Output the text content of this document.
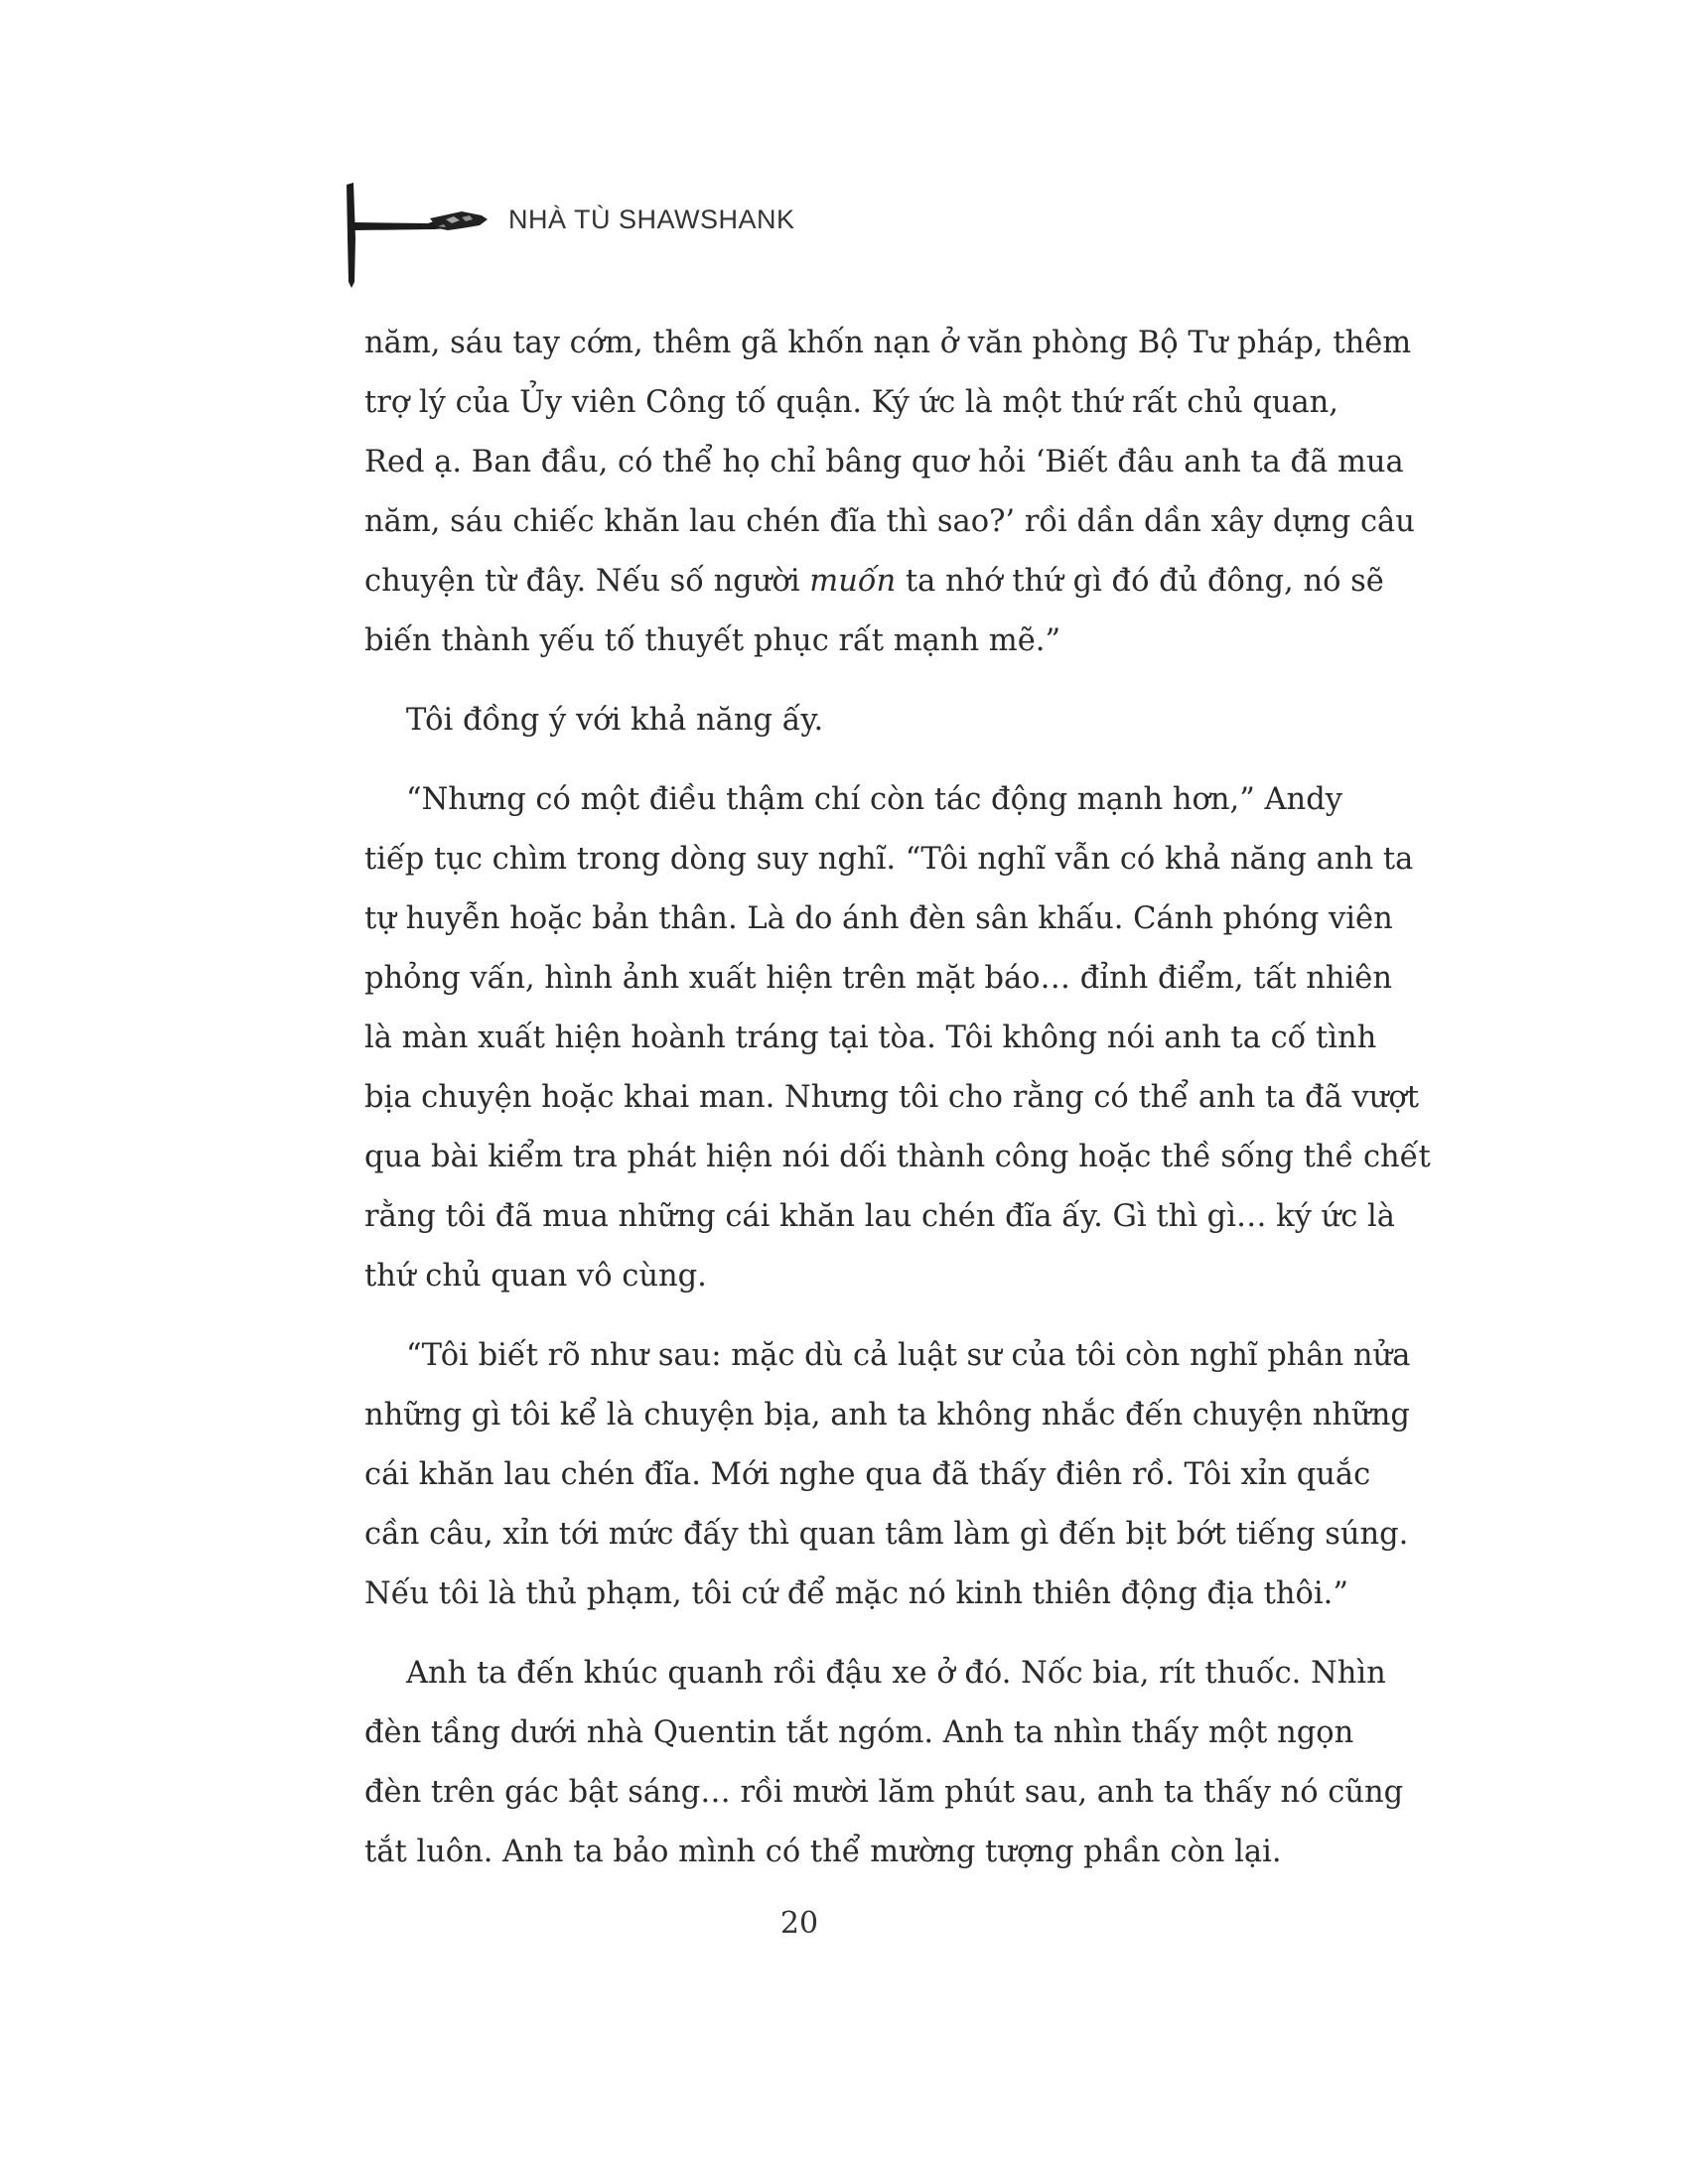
NHÀ TÙ SHAWSHANK
năm, sáu tay cớm, thêm gã khốn nạn ở văn phòng Bộ Tư pháp, thêm
trợ lý của Ủy viên Công tố quận. Ký ức là một thứ rất chủ quan,
Red ạ. Ban đầu, có thể họ chỉ bâng quơ hỏi ‘Biết đâu anh ta đã mua
năm, sáu chiếc khăn lau chén đĩa thì sao?’ rồi dần dần xây dựng câu
chuyện từ đây. Nếu số người muốn ta nhớ thứ gì đó đủ đông, nó sẽ
biến thành yếu tố thuyết phục rất mạnh mẽ.”
Tôi đồng ý với khả năng ấy.
“Nhưng có một điều thậm chí còn tác động mạnh hơn,” Andy
tiếp tục chìm trong dòng suy nghĩ. “Tôi nghĩ vẫn có khả năng anh ta
tự huyễn hoặc bản thân. Là do ánh đèn sân khấu. Cánh phóng viên
phỏng vấn, hình ảnh xuất hiện trên mặt báo… đỉnh điểm, tất nhiên
là màn xuất hiện hoành tráng tại tòa. Tôi không nói anh ta cố tình
bịa chuyện hoặc khai man. Nhưng tôi cho rằng có thể anh ta đã vượt
qua bài kiểm tra phát hiện nói dối thành công hoặc thề sống thề chết
rằng tôi đã mua những cái khăn lau chén đĩa ấy. Gì thì gì… ký ức là
thứ chủ quan vô cùng.
“Tôi biết rõ như sau: mặc dù cả luật sư của tôi còn nghĩ phân nửa
những gì tôi kể là chuyện bịa, anh ta không nhắc đến chuyện những
cái khăn lau chén đĩa. Mới nghe qua đã thấy điên rồ. Tôi xỉn quắc
cần câu, xỉn tới mức đấy thì quan tâm làm gì đến bịt bớt tiếng súng.
Nếu tôi là thủ phạm, tôi cứ để mặc nó kinh thiên động địa thôi.”
Anh ta đến khúc quanh rồi đậu xe ở đó. Nốc bia, rít thuốc. Nhìn
đèn tầng dưới nhà Quentin tắt ngóm. Anh ta nhìn thấy một ngọn
đèn trên gác bật sáng… rồi mười lăm phút sau, anh ta thấy nó cũng
tắt luôn. Anh ta bảo mình có thể mường tượng phần còn lại.
20
